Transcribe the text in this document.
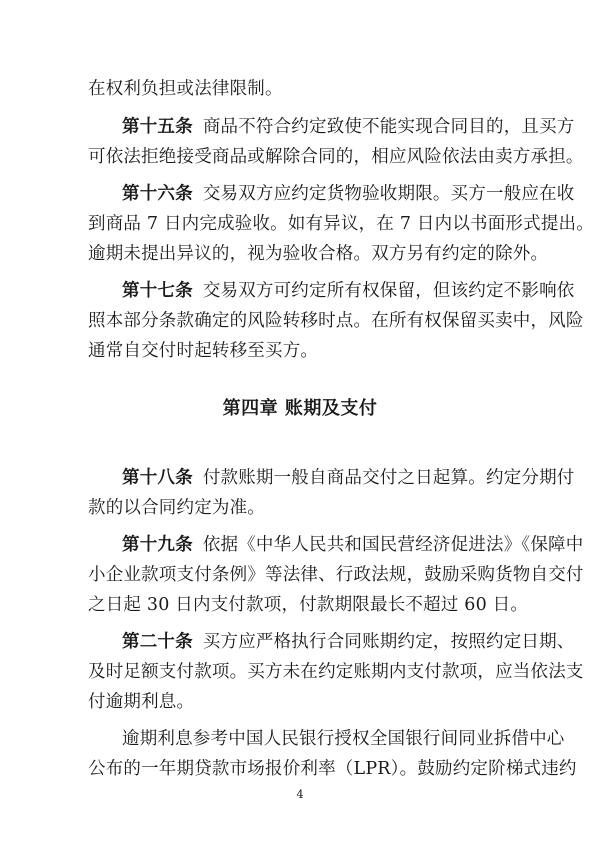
在权利负担或法律限制。
第十五条 商品不符合约定致使不能实现合同目的，且买方
可依法拒绝接受商品或解除合同的，相应风险依法由卖方承担。
第十六条 交易双方应约定货物验收期限。买方一般应在收
到商品 7 日内完成验收。如有异议，在 7 日内以书面形式提出。
逾期未提出异议的，视为验收合格。双方另有约定的除外。
第十七条 交易双方可约定所有权保留，但该约定不影响依
照本部分条款确定的风险转移时点。在所有权保留买卖中，风险
通常自交付时起转移至买方。
第四章 账期及支付
第十八条 付款账期一般自商品交付之日起算。约定分期付
款的以合同约定为准。
第十九条 依据《中华人民共和国民营经济促进法》《保障中
小企业款项支付条例》等法律、行政法规，鼓励采购货物自交付
之日起 30 日内支付款项，付款期限最长不超过 60 日。
第二十条 买方应严格执行合同账期约定，按照约定日期、
及时足额支付款项。买方未在约定账期内支付款项，应当依法支
付逾期利息。
逾期利息参考中国人民银行授权全国银行间同业拆借中心
公布的一年期贷款市场报价利率（LPR）。鼓励约定阶梯式违约
4
